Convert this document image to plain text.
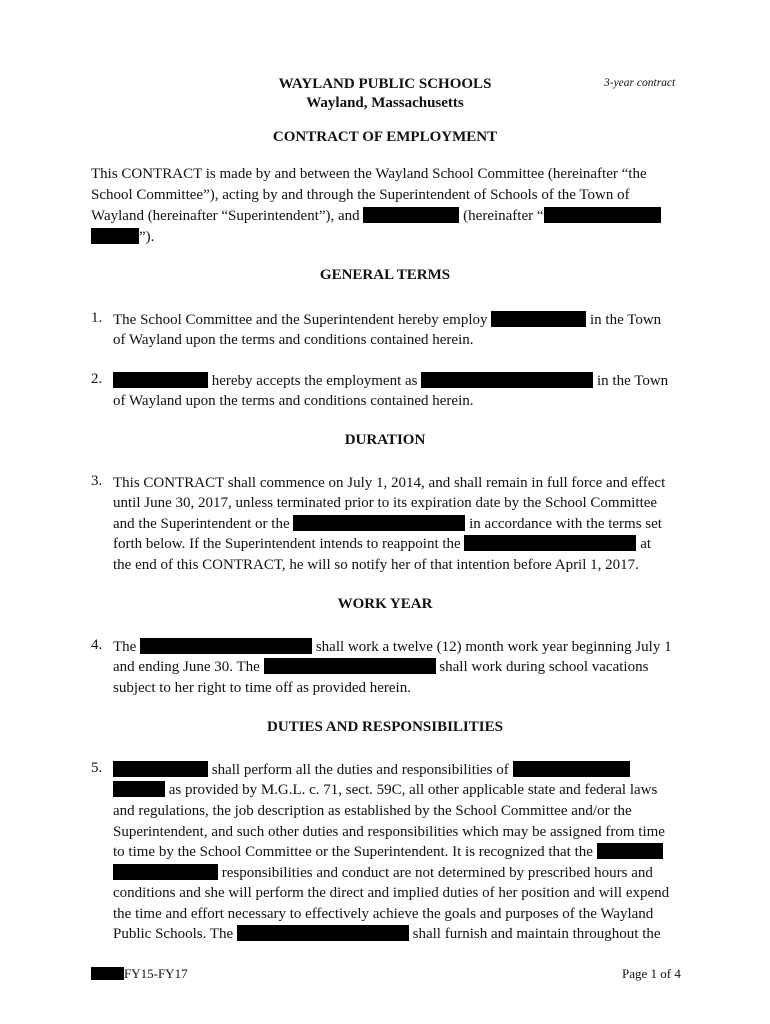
WAYLAND PUBLIC SCHOOLS
Wayland, Massachusetts
3-year contract
CONTRACT OF EMPLOYMENT
This CONTRACT is made by and between the Wayland School Committee (hereinafter “the
School Committee”), acting by and through the Superintendent of Schools of the Town of
Wayland (hereinafter “Superintendent”), and	(hereinafter “
”).
GENERAL TERMS
1. The School Committee and the Superintendent hereby employ	in the Town
of Wayland upon the terms and conditions contained herein.
2.	hereby accepts the employment as	in the Town
of Wayland upon the terms and conditions contained herein.
DURATION
3. This CONTRACT shall commence on July 1, 2014, and shall remain in full force and effect
until June 30, 2017, unless terminated prior to its expiration date by the School Committee
and the Superintendent or the	in accordance with the terms set
forth below. If the Superintendent intends to reappoint the	at
the end of this CONTRACT, he will so notify her of that intention before April 1, 2017.
WORK YEAR
4. The	shall work a twelve (12) month work year beginning July 1
and ending June 30. The	shall work during school vacations
subject to her right to time off as provided herein.
DUTIES AND RESPONSIBILITIES
5.	shall perform all the duties and responsibilities of
as provided by M.G.L. c. 71, sect. 59C, all other applicable state and federal laws
and regulations, the job description as established by the School Committee and/or the
Superintendent, and such other duties and responsibilities which may be assigned from time
to time by the School Committee or the Superintendent. It is recognized that the
responsibilities and conduct are not determined by prescribed hours and
conditions and she will perform the direct and implied duties of her position and will expend
the time and effort necessary to effectively achieve the goals and purposes of the Wayland
Public Schools. The	shall furnish and maintain throughout the
FY15-FY17	Page 1 of 4
